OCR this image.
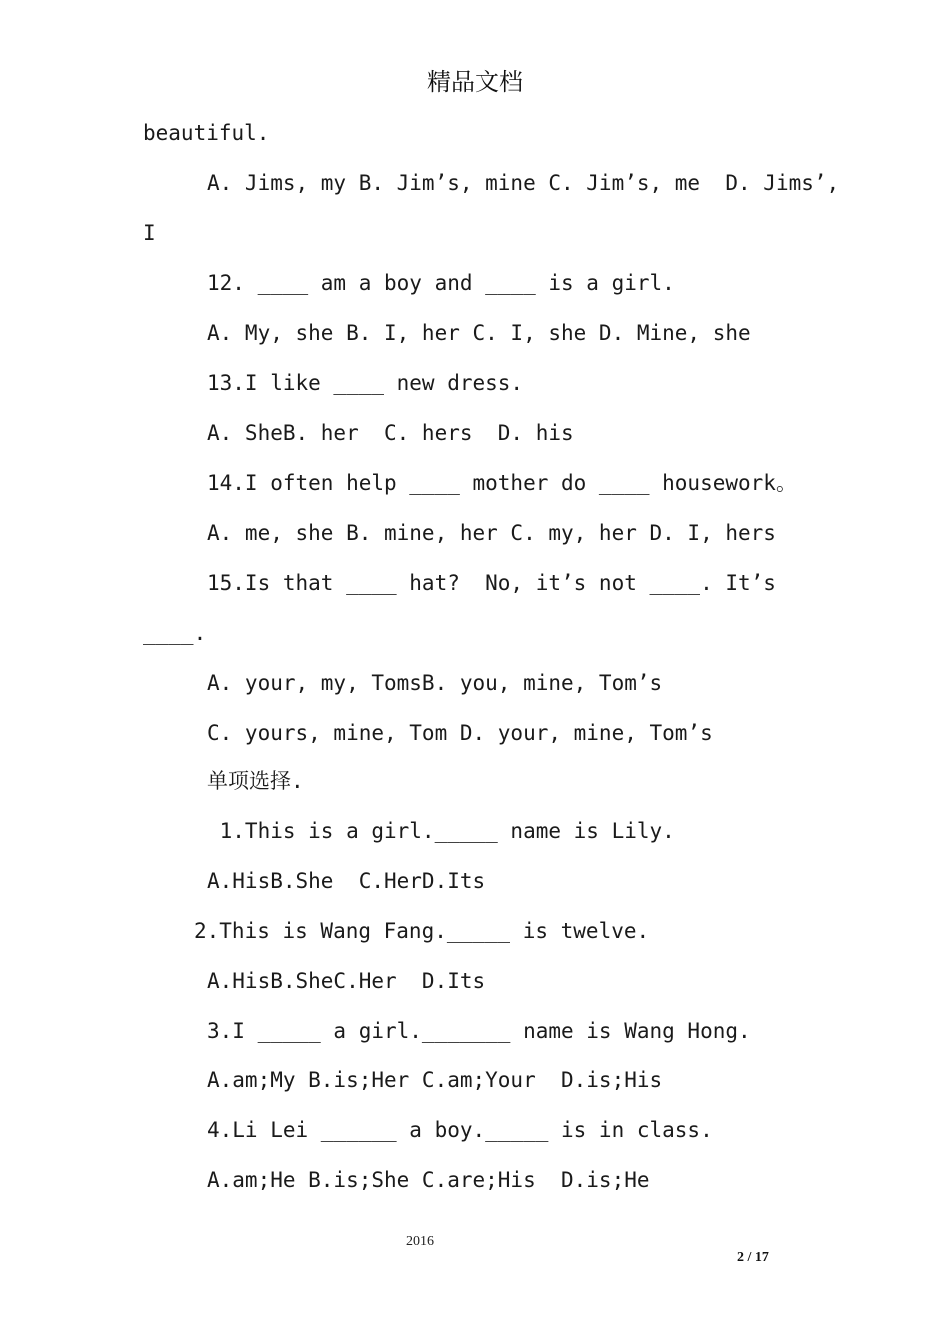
精品文档
beautiful.
A. Jims, my B. Jim’s, mine C. Jim’s, me  D. Jims’,
I
12. ____ am a boy and ____ is a girl.
A. My, she B. I, her C. I, she D. Mine, she
13.I like ____ new dress.
A. SheB. her  C. hers  D. his
14.I often help ____ mother do ____ housework。
A. me, she B. mine, her C. my, her D. I, hers
15.Is that ____ hat?  No, it’s not ____. It’s
____.
A. your, my, TomsB. you, mine, Tom’s
C. yours, mine, Tom D. your, mine, Tom’s
单项选择.
1.This is a girl._____ name is Lily.
A.HisB.She  C.HerD.Its
2.This is Wang Fang._____ is twelve.
A.HisB.SheC.Her  D.Its
3.I _____ a girl._______ name is Wang Hong.
A.am;My B.is;Her C.am;Your  D.is;His
4.Li Lei ______ a boy._____ is in class.
A.am;He B.is;She C.are;His  D.is;He
2016
2 / 17
